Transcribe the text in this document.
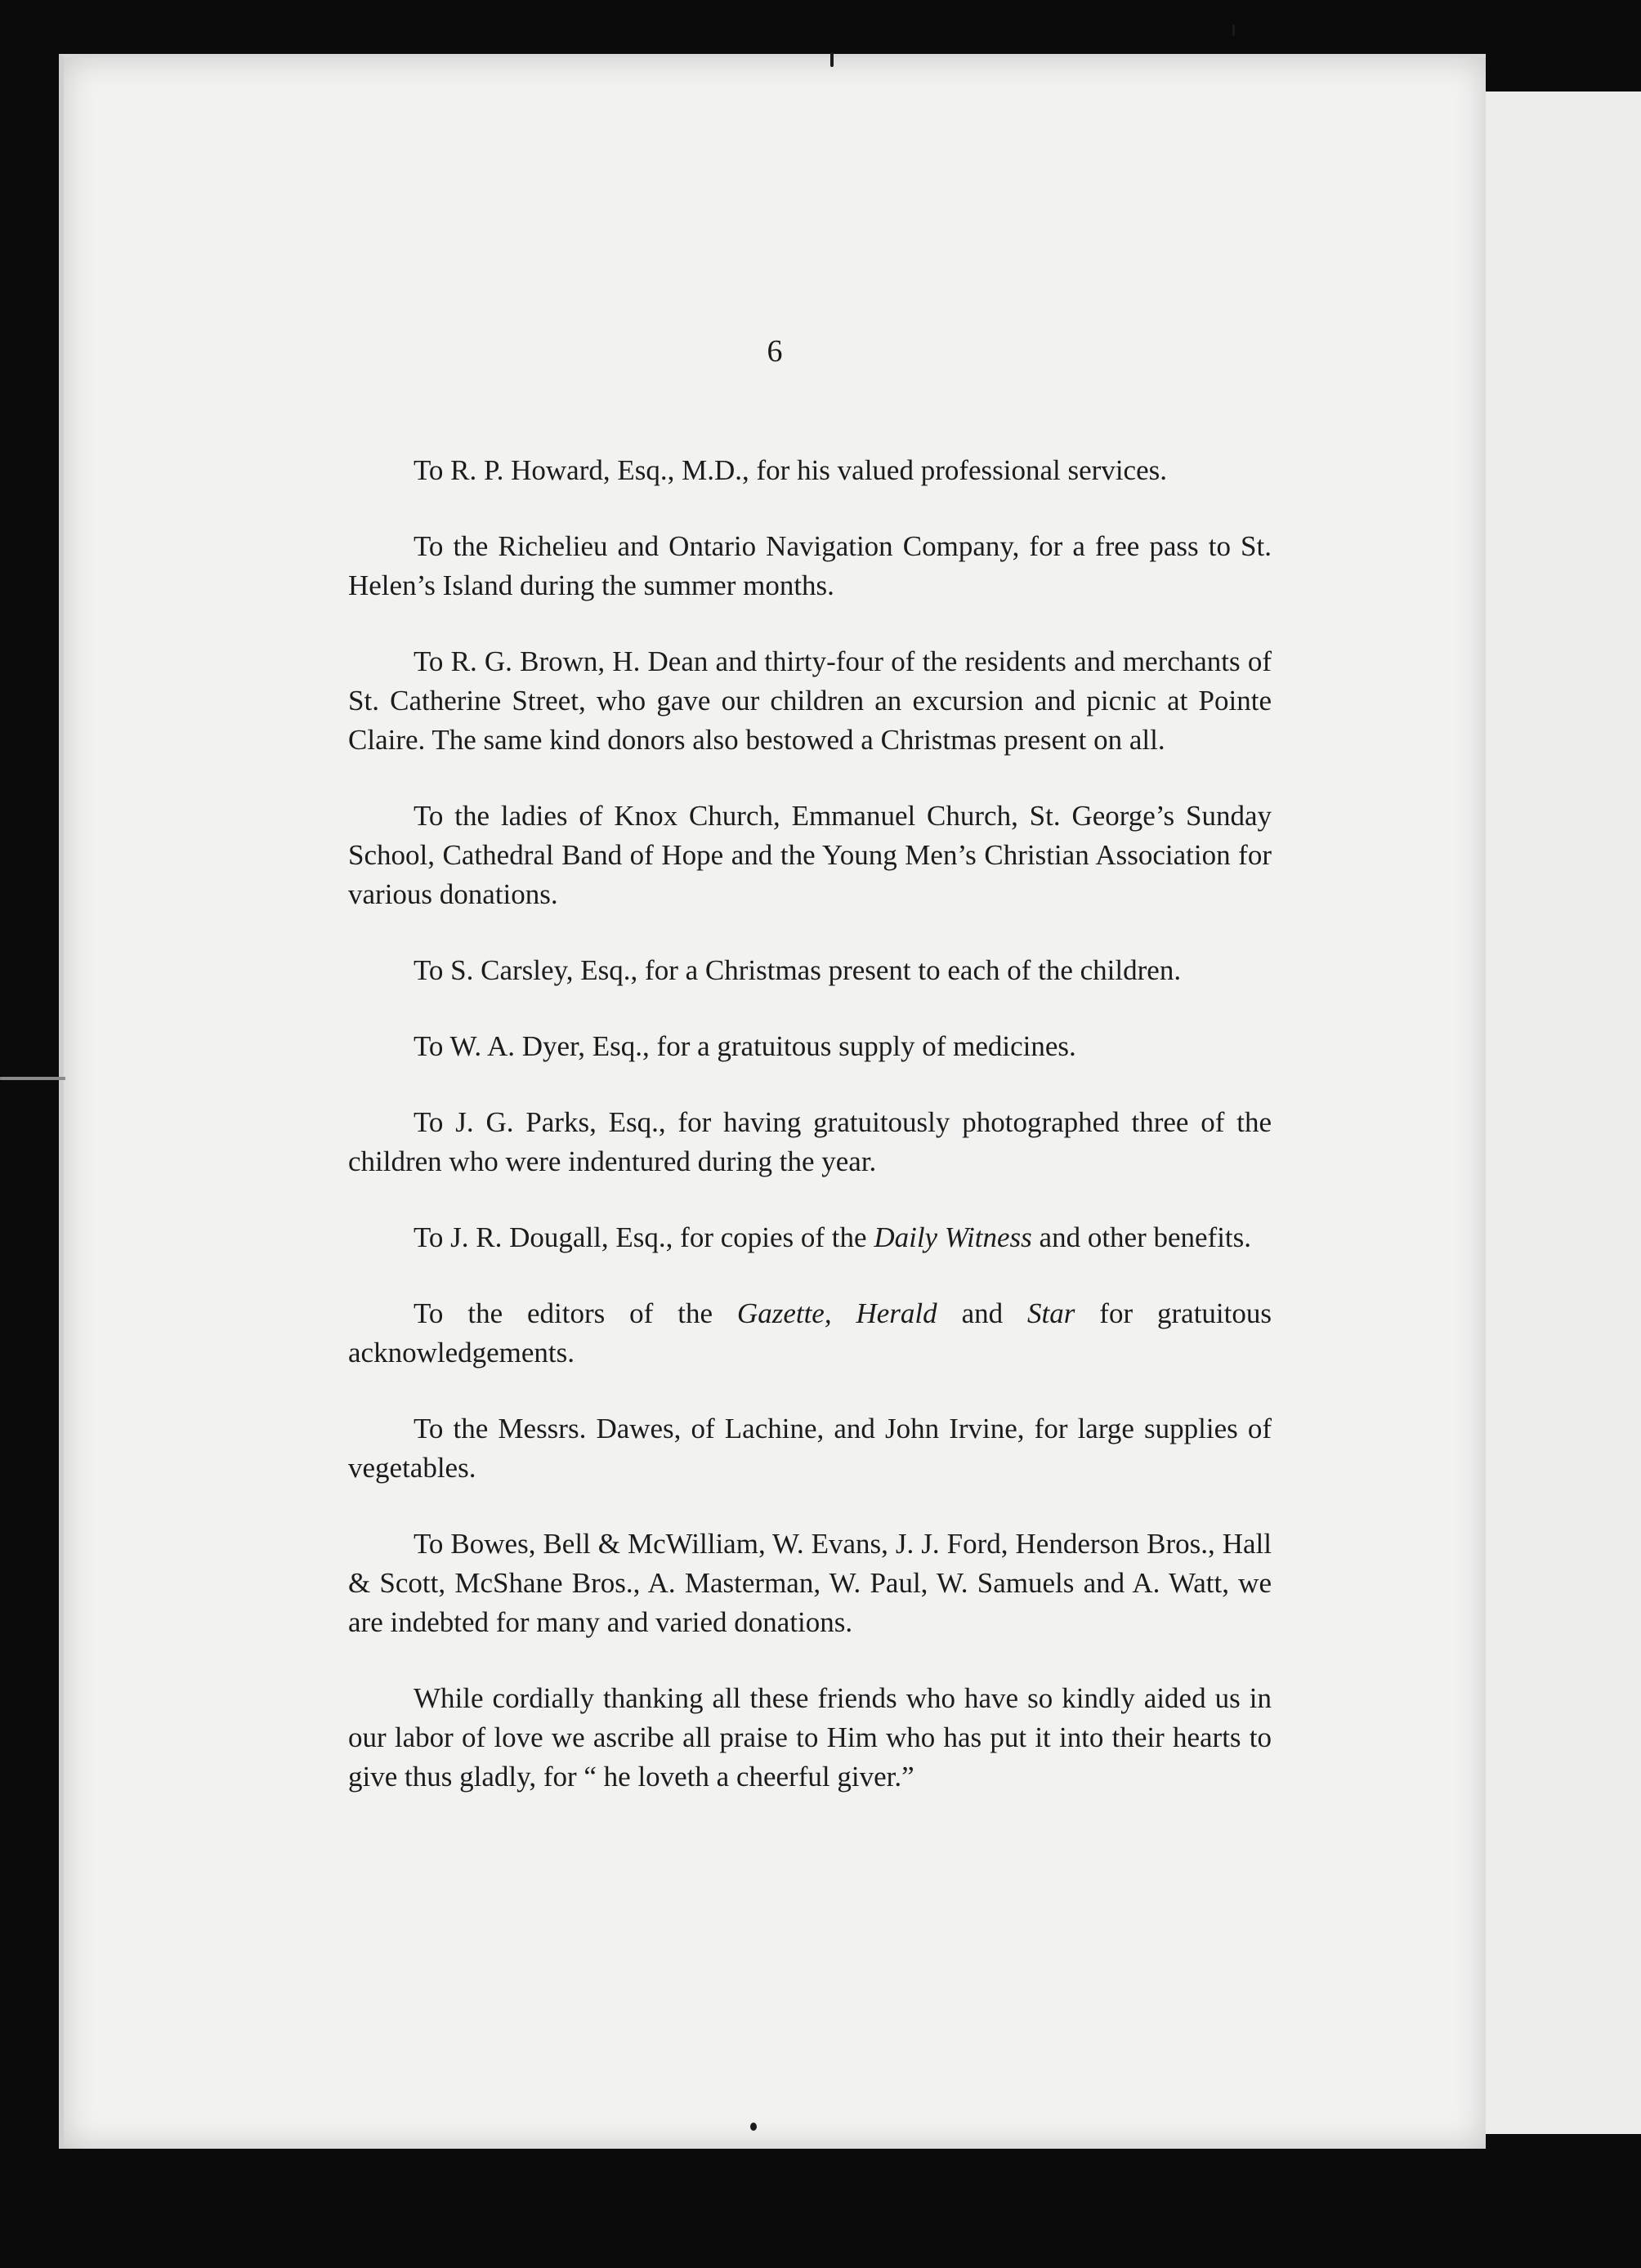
6

To R. P. Howard, Esq., M.D., for his valued professional services.

To the Richelieu and Ontario Navigation Company, for a free pass to St. Helen’s Island during the summer months.

To R. G. Brown, H. Dean and thirty-four of the residents and merchants of St. Catherine Street, who gave our children an excursion and picnic at Pointe Claire. The same kind donors also bestowed a Christmas present on all.

To the ladies of Knox Church, Emmanuel Church, St. George’s Sunday School, Cathedral Band of Hope and the Young Men’s Christian Association for various donations.

To S. Carsley, Esq., for a Christmas present to each of the children.

To W. A. Dyer, Esq., for a gratuitous supply of medicines.

To J. G. Parks, Esq., for having gratuitously photographed three of the children who were indentured during the year.

To J. R. Dougall, Esq., for copies of the Daily Witness and other benefits.

To the editors of the Gazette, Herald and Star for gratuitous acknowledgements.

To the Messrs. Dawes, of Lachine, and John Irvine, for large supplies of vegetables.

To Bowes, Bell & McWilliam, W. Evans, J. J. Ford, Henderson Bros., Hall & Scott, McShane Bros., A. Masterman, W. Paul, W. Samuels and A. Watt, we are indebted for many and varied donations.

While cordially thanking all these friends who have so kindly aided us in our labor of love we ascribe all praise to Him who has put it into their hearts to give thus gladly, for “ he loveth a cheerful giver.”
